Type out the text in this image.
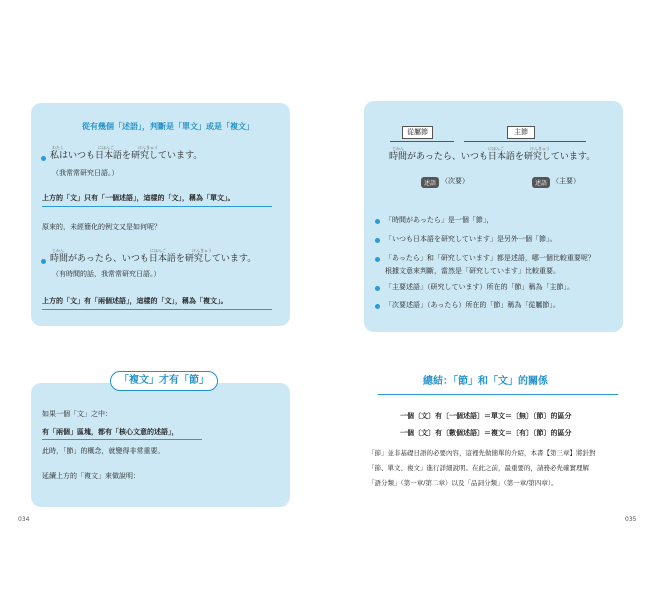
從有幾個「述語」，判斷是「單文」或是「複文」
わたし	にほんご	けんきゅう
私はいつも日本語を研究しています。
（我常常研究日語。）
上方的「文」只有「一個述語」，這樣的「文」，稱為「單文」。
原來的，未經簡化的例文又是如何呢？
じかん	にほんご	けんきゅう
時間があったら、いつも日本語を研究しています。
（有時間的話，我常常研究日語。）
上方的「文」有「兩個述語」，這樣的「文」，稱為「複文」。
「複文」才有「節」
如果一個「文」之中：
有「兩個」區塊，都有「核心文意的述語」，
此時，「節」的概念，就變得非常重要。
延續上方的「複文」來做說明：
034
從屬節	主節
じかん	にほんご	けんきゅう
時間があったら、いつも日本語を研究しています。
述語 （次要）	述語 （主要）
「時間があったら」是一個「節」，
「いつも日本語を研究しています」是另外一個「節」。
「あったら」和「研究しています」都是述語，哪一個比較重要呢？
根據文意來判斷，當然是「研究しています」比較重要。
「主要述語」（研究しています）所在的「節」稱為「主節」。
「次要述語」（あったら）所在的「節」稱為「從屬節」。
總結：「節」和「文」的關係
一個〔文〕有〔一個述語〕＝單文＝〔無〕〔節〕的區分
一個〔文〕有〔數個述語〕＝複文＝〔有〕〔節〕的區分
「節」並非基礎日語的必要內容，這裡先做簡單的介紹，本書【第三章】將針對
「節、單文、複文」進行詳細說明。在此之前，最重要的，請務必先確實理解
「語分類」（第一章/第二章）以及「品詞分類」（第一章/第四章）。
035
